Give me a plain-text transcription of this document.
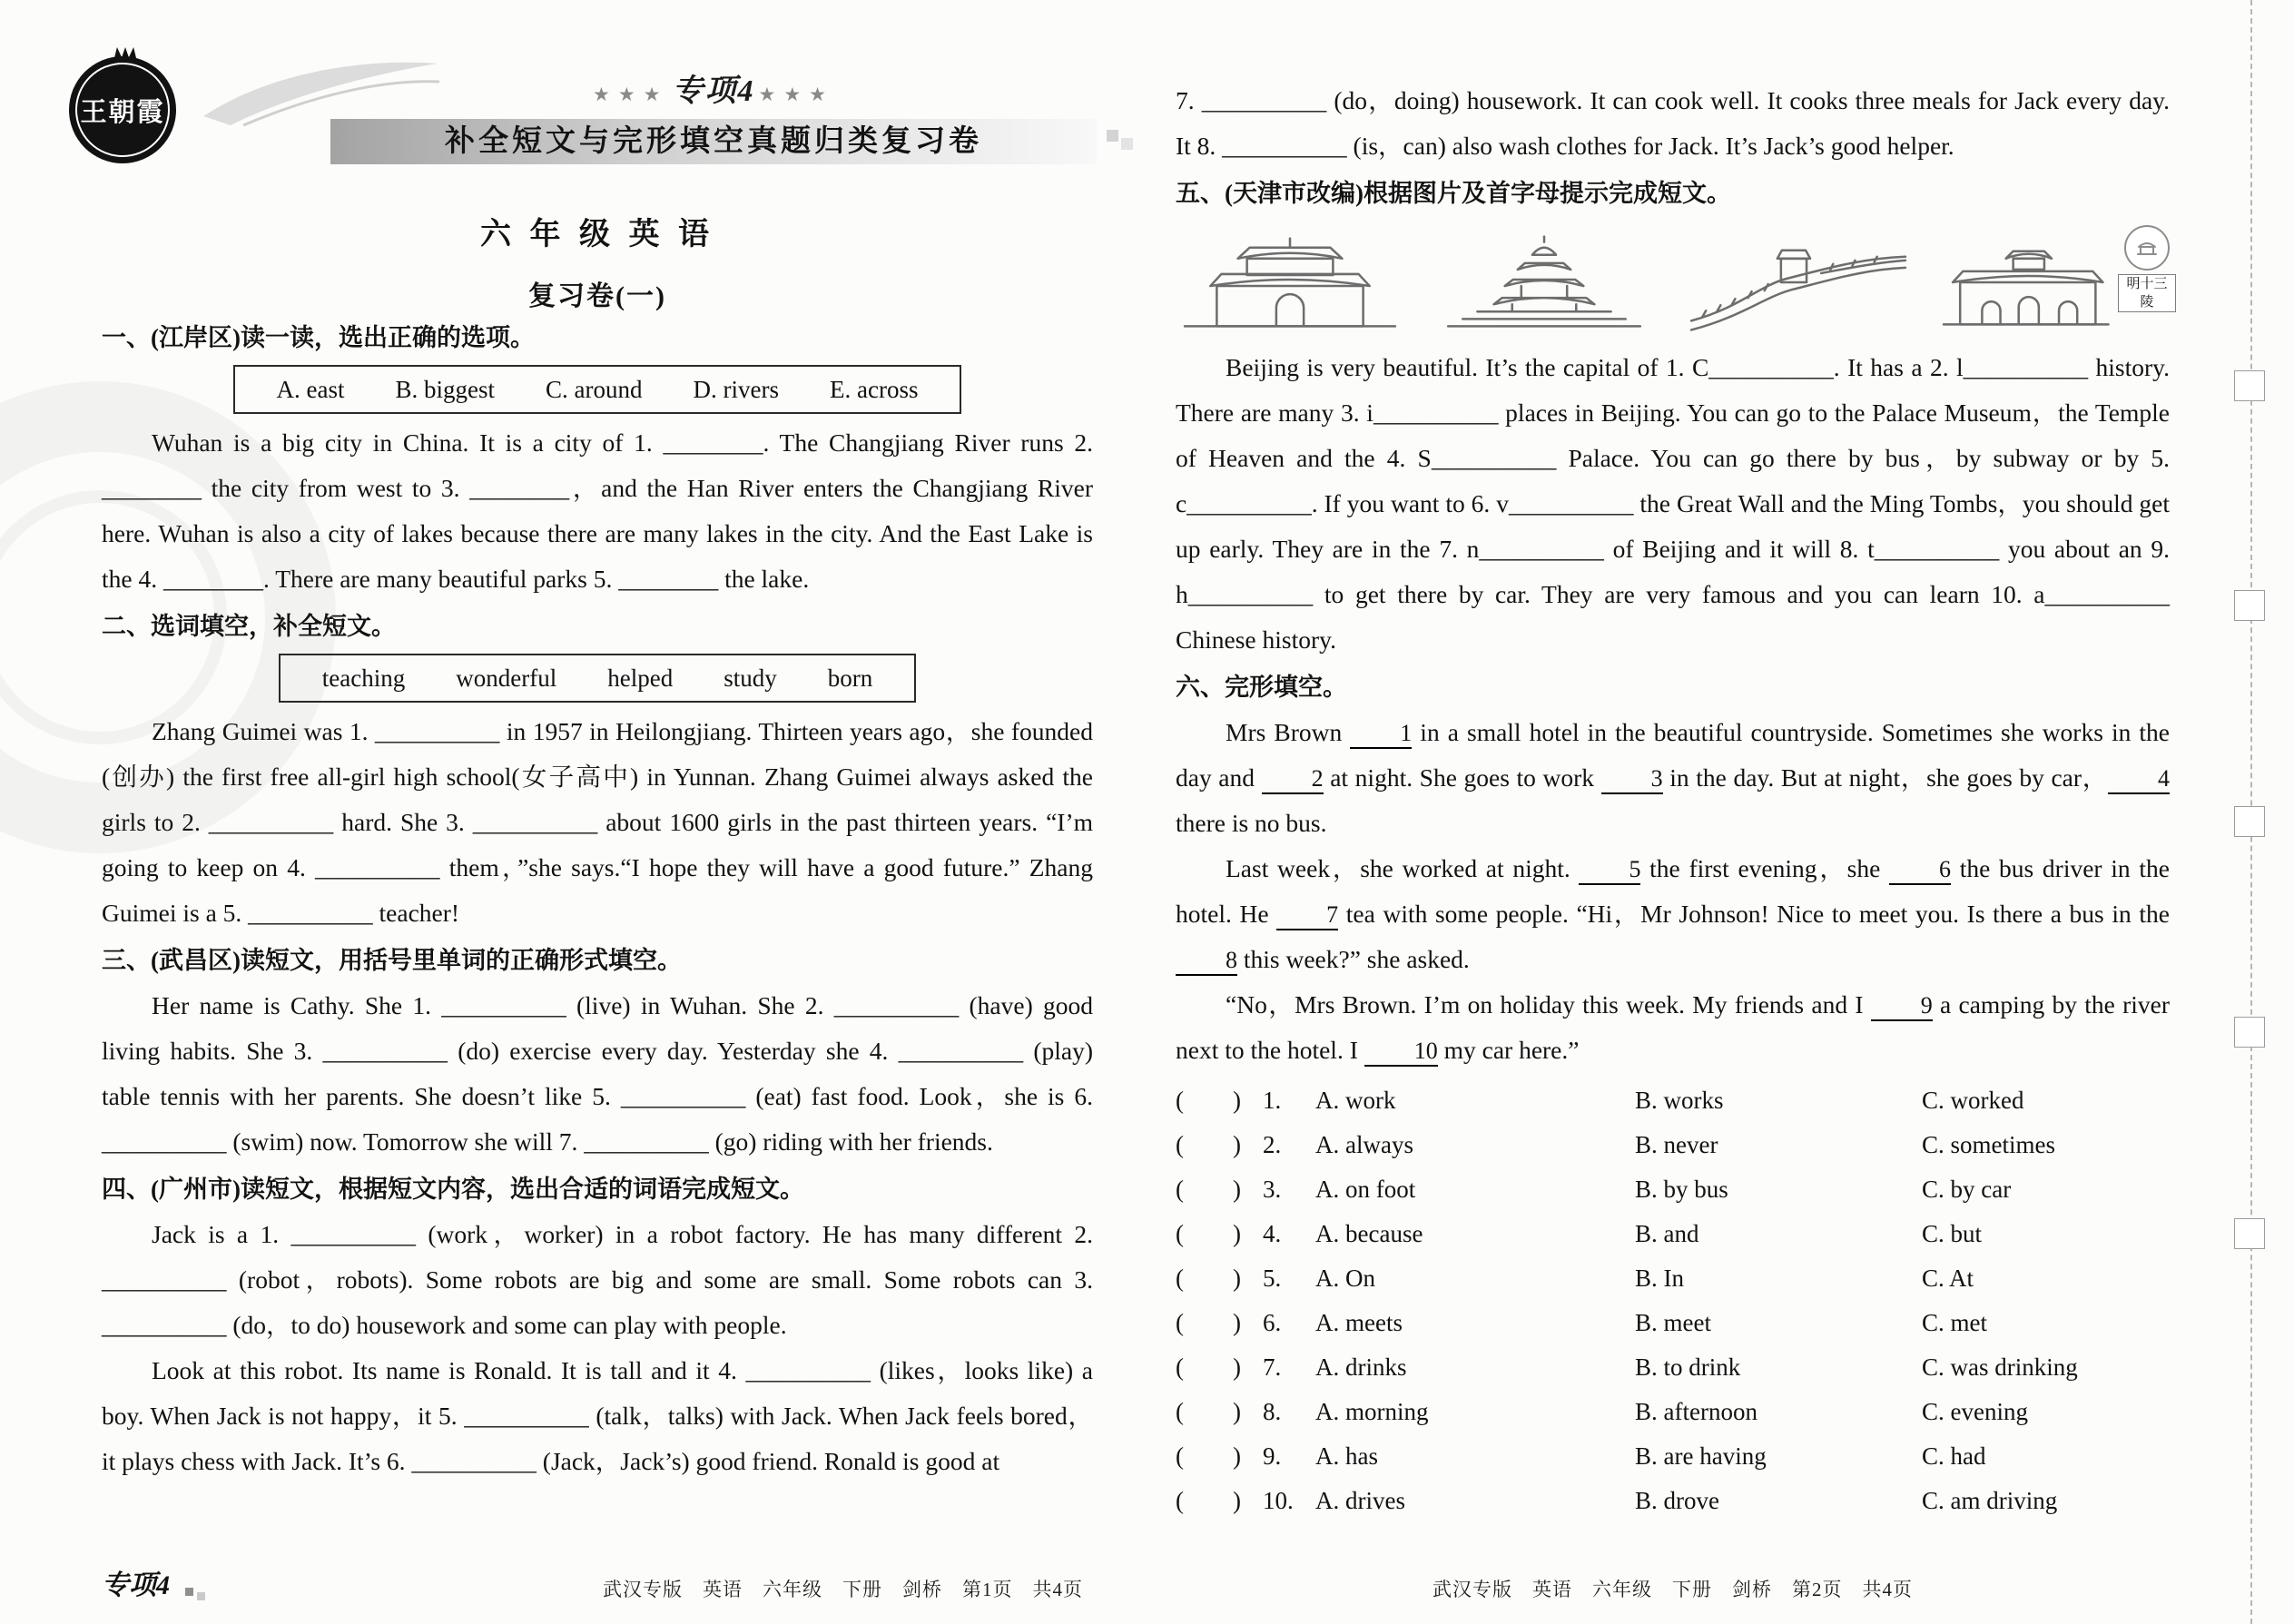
王朝霞
★★★ 专项4 ★★★
补全短文与完形填空真题归类复习卷
六 年 级 英 语
复习卷(一)
一、(江岸区)读一读，选出正确的选项。
A. east B. biggest C. around D. rivers E. across

Wuhan is a big city in China. It is a city of 1. ________. The Changjiang River runs 2. ________ the city from west to 3. ________，and the Han River enters the Changjiang River here. Wuhan is also a city of lakes because there are many lakes in the city. And the East Lake is the 4. ________. There are many beautiful parks 5. ________ the lake.

二、选词填空，补全短文。
teaching wonderful helped study born

Zhang Guimei was 1. __________ in 1957 in Heilongjiang. Thirteen years ago，she founded (创办) the first free all-girl high school(女子高中) in Yunnan. Zhang Guimei always asked the girls to 2. __________ hard. She 3. __________ about 1600 girls in the past thirteen years. “I’m going to keep on 4. __________ them，”she says.“I hope they will have a good future.” Zhang Guimei is a 5. __________ teacher!

三、(武昌区)读短文，用括号里单词的正确形式填空。

Her name is Cathy. She 1. __________ (live) in Wuhan. She 2. __________ (have) good living habits. She 3. __________ (do) exercise every day. Yesterday she 4. __________ (play) table tennis with her parents. She doesn’t like 5. __________ (eat) fast food. Look，she is 6. __________ (swim) now. Tomorrow she will 7. __________ (go) riding with her friends.

四、(广州市)读短文，根据短文内容，选出合适的词语完成短文。

Jack is a 1. __________ (work，worker) in a robot factory. He has many different 2. __________ (robot，robots). Some robots are big and some are small. Some robots can 3. __________ (do，to do) housework and some can play with people.

Look at this robot. Its name is Ronald. It is tall and it 4. __________ (likes，looks like) a boy. When Jack is not happy，it 5. __________ (talk，talks) with Jack. When Jack feels bored，it plays chess with Jack. It’s 6. __________ (Jack，Jack’s) good friend. Ronald is good at

专项4	武汉专版　英语　六年级　下册　剑桥　第1页　共4页

7. __________ (do，doing) housework. It can cook well. It cooks three meals for Jack every day. It 8. __________ (is，can) also wash clothes for Jack. It’s Jack’s good helper.

五、(天津市改编)根据图片及首字母提示完成短文。
明十三陵

Beijing is very beautiful. It’s the capital of 1. C__________. It has a 2. l__________ history. There are many 3. i__________ places in Beijing. You can go to the Palace Museum，the Temple of Heaven and the 4. S__________ Palace. You can go there by bus，by subway or by 5. c__________. If you want to 6. v__________ the Great Wall and the Ming Tombs，you should get up early. They are in the 7. n__________ of Beijing and it will 8. t__________ you about an 9. h__________ to get there by car. They are very famous and you can learn 10. a__________ Chinese history.

六、完形填空。

Mrs Brown 1 in a small hotel in the beautiful countryside. Sometimes she works in the day and 2 at night. She goes to work 3 in the day. But at night，she goes by car， 4 there is no bus.

Last week，she worked at night. 5 the first evening，she 6 the bus driver in the hotel. He 7 tea with some people. “Hi，Mr Johnson! Nice to meet you. Is there a bus in the 8 this week?” she asked.

“No，Mrs Brown. I’m on holiday this week. My friends and I 9 a camping by the river next to the hotel. I 10 my car here.”

(　　) 1.	A. work	B. works	C. worked
(　　) 2.	A. always	B. never	C. sometimes
(　　) 3.	A. on foot	B. by bus	C. by car
(　　) 4.	A. because	B. and	C. but
(　　) 5.	A. On	B. In	C. At
(　　) 6.	A. meets	B. meet	C. met
(　　) 7.	A. drinks	B. to drink	C. was drinking
(　　) 8.	A. morning	B. afternoon	C. evening
(　　) 9.	A. has	B. are having	C. had
(　　) 10. A. drives	B. drove	C. am driving
武汉专版　英语　六年级　下册　剑桥　第2页　共4页
